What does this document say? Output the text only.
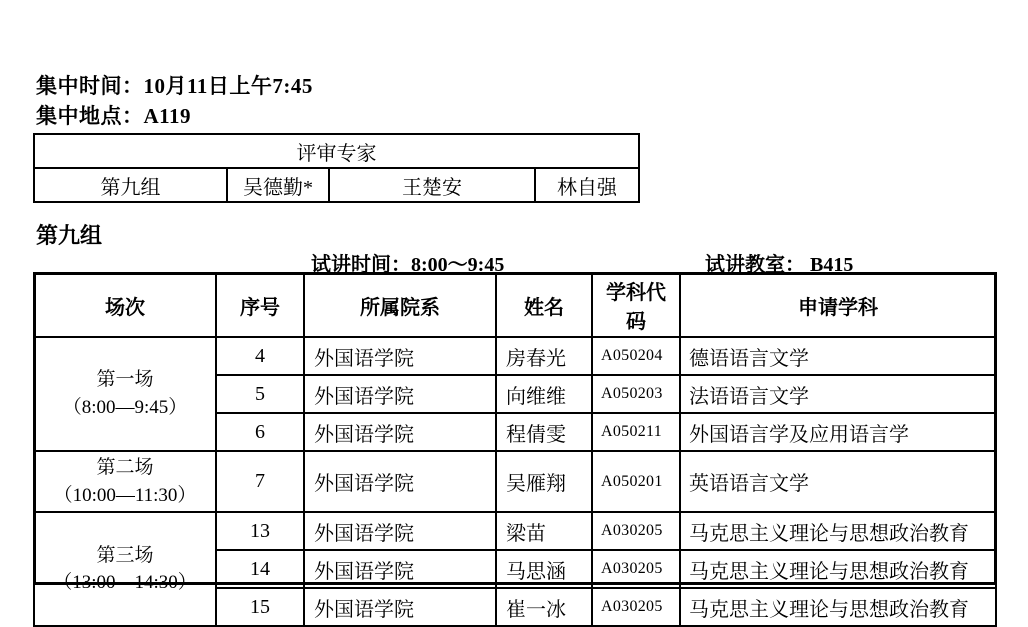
集中时间：10月11日上午7:45
集中地点：A119
评审专家
第九组	吴德勤*	王楚安	林自强
第九组
试讲时间：8:00～9:45	试讲教室： B415
场次	序号	所属院系	姓名	学科代码	申请学科

第一场
（8:00—9:45）	4	外国语学院	房春光	A050204	德语语言文学
	5	外国语学院	向维维	A050203	法语语言文学
	6	外国语学院	程倩雯	A050211	外国语言学及应用语言学

第二场
（10:00—11:30）	7	外国语学院	吴雁翔	A050201	英语语言文学

第三场
（13:00—14:30）	13	外国语学院	梁苗	A030205	马克思主义理论与思想政治教育
	14	外国语学院	马思涵	A030205	马克思主义理论与思想政治教育
	15	外国语学院	崔一冰	A030205	马克思主义理论与思想政治教育
